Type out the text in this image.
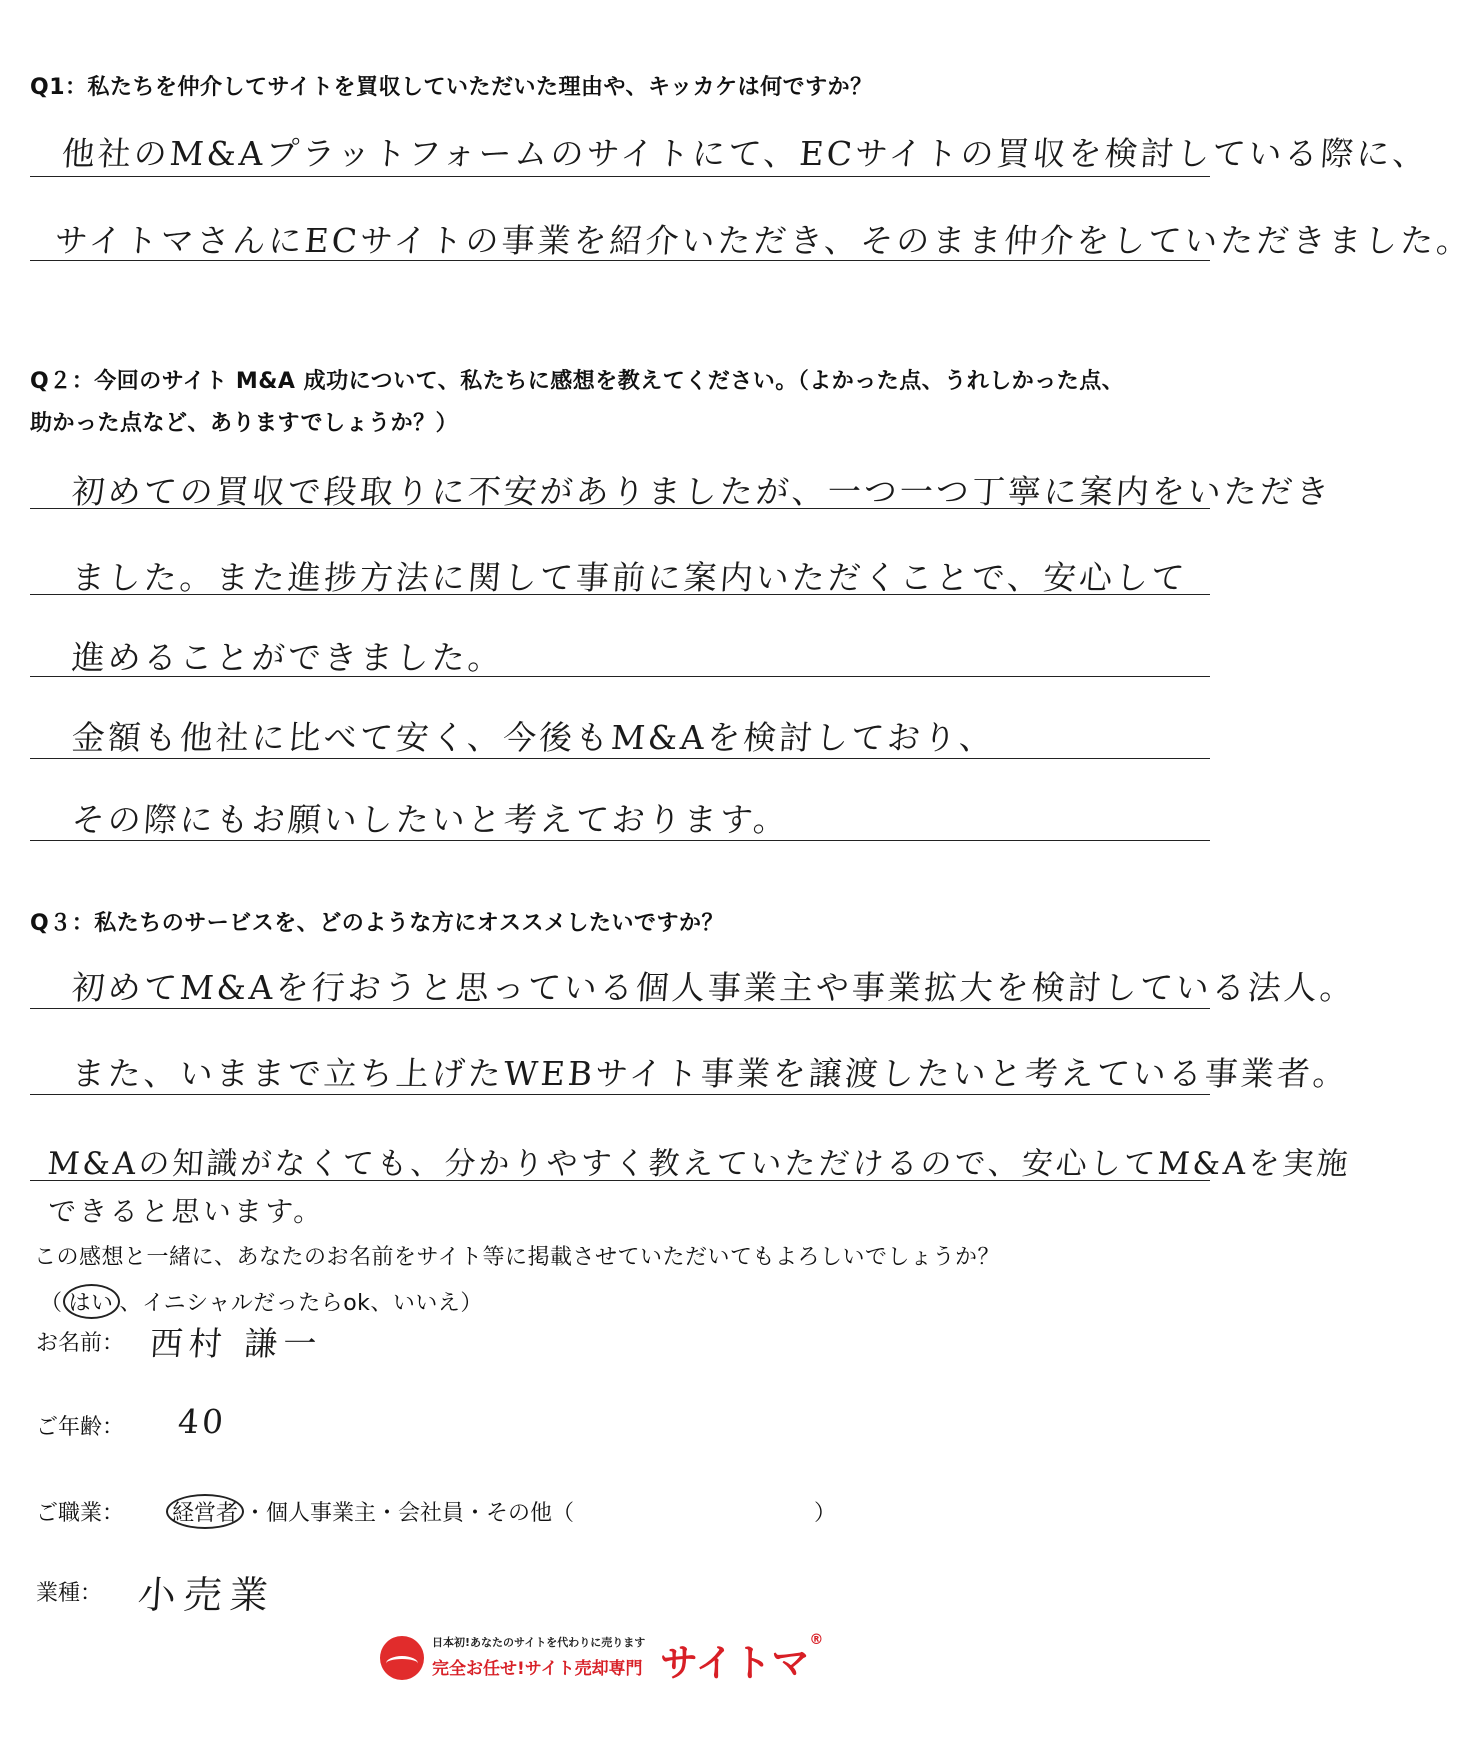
Q1：私たちを仲介してサイトを買収していただいた理由や、キッカケは何ですか？
他社のM&Aプラットフォームのサイトにて、ECサイトの買収を検討している際に、
サイトマさんにECサイトの事業を紹介いただき、そのまま仲介をしていただきました。
Q２：今回のサイト M&A 成功について、私たちに感想を教えてください。（よかった点、うれしかった点、
助かった点など、ありますでしょうか？）
初めての買収で段取りに不安がありましたが、一つ一つ丁寧に案内をいただき
ました。また進捗方法に関して事前に案内いただくことで、安心して
進めることができました。
金額も他社に比べて安く、今後もM&Aを検討しており、
その際にもお願いしたいと考えております。
Q３：私たちのサービスを、どのような方にオススメしたいですか？
初めてM&Aを行おうと思っている個人事業主や事業拡大を検討している法人。
また、いままで立ち上げたWEBサイト事業を譲渡したいと考えている事業者。
M&Aの知識がなくても、分かりやすく教えていただけるので、安心してM&Aを実施
できると思います。
この感想と一緒に、あなたのお名前をサイト等に掲載させていただいてもよろしいでしょうか？
（ はい 、イニシャルだったらok、いいえ）
お名前： 西村 謙一
ご年齢： 40
ご職業： 経営者 ・個人事業主・会社員・その他（	）
業種： 小売業
日本初!あなたのサイトを代わりに売ります
完全お任せ!サイト売却専門 サイトマ®
